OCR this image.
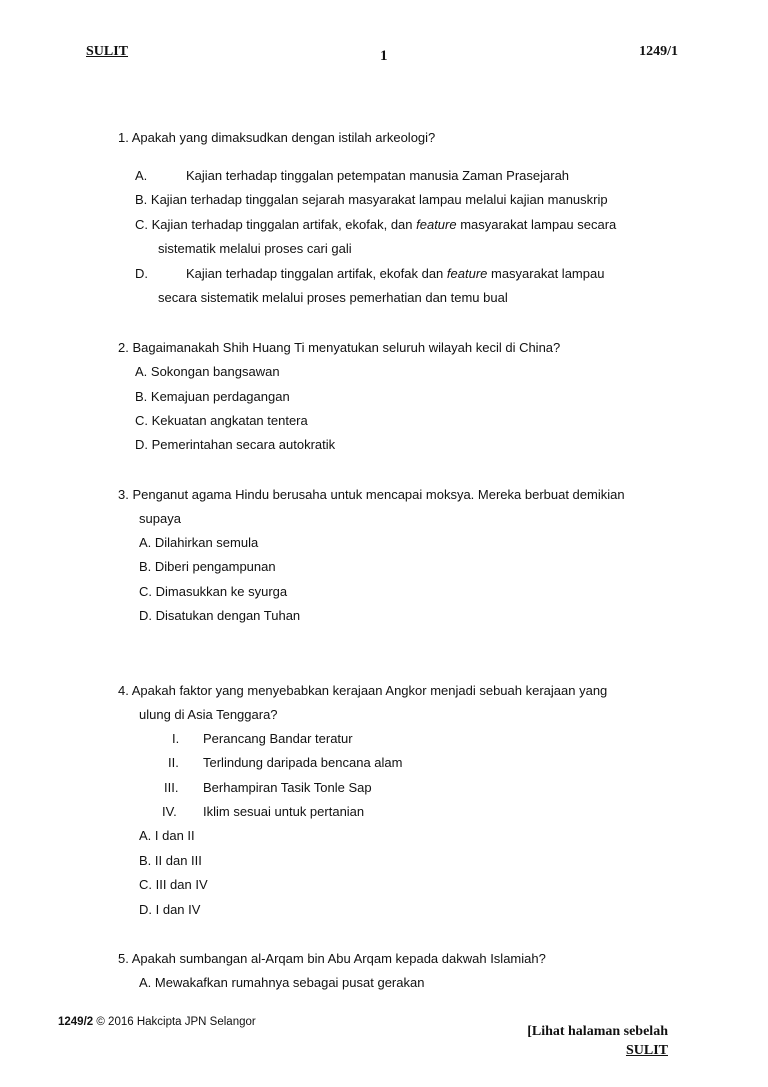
SULIT	1	1249/1
1. Apakah yang dimaksudkan dengan istilah arkeologi?
A.	Kajian terhadap tinggalan petempatan manusia Zaman Prasejarah
B. Kajian terhadap tinggalan sejarah masyarakat lampau melalui kajian manuskrip
C. Kajian terhadap tinggalan artifak, ekofak, dan feature masyarakat lampau secara
sistematik melalui proses cari gali
D.	Kajian terhadap tinggalan artifak, ekofak dan feature masyarakat lampau
secara sistematik melalui proses pemerhatian dan temu bual
2. Bagaimanakah Shih Huang Ti menyatukan seluruh wilayah kecil di China?
A. Sokongan bangsawan
B. Kemajuan perdagangan
C. Kekuatan angkatan tentera
D. Pemerintahan secara autokratik
3. Penganut agama Hindu berusaha untuk mencapai moksya. Mereka berbuat demikian
supaya
A. Dilahirkan semula
B. Diberi pengampunan
C. Dimasukkan ke syurga
D. Disatukan dengan Tuhan
4. Apakah faktor yang menyebabkan kerajaan Angkor menjadi sebuah kerajaan yang
ulung di Asia Tenggara?
I. Perancang Bandar teratur
II. Terlindung daripada bencana alam
III. Berhampiran Tasik Tonle Sap
IV. Iklim sesuai untuk pertanian
A. I dan II
B. II dan III
C. III dan IV
D. I dan IV
5. Apakah sumbangan al-Arqam bin Abu Arqam kepada dakwah Islamiah?
A. Mewakafkan rumahnya sebagai pusat gerakan
1249/2 © 2016 Hakcipta JPN Selangor
[Lihat halaman sebelah
SULIT
